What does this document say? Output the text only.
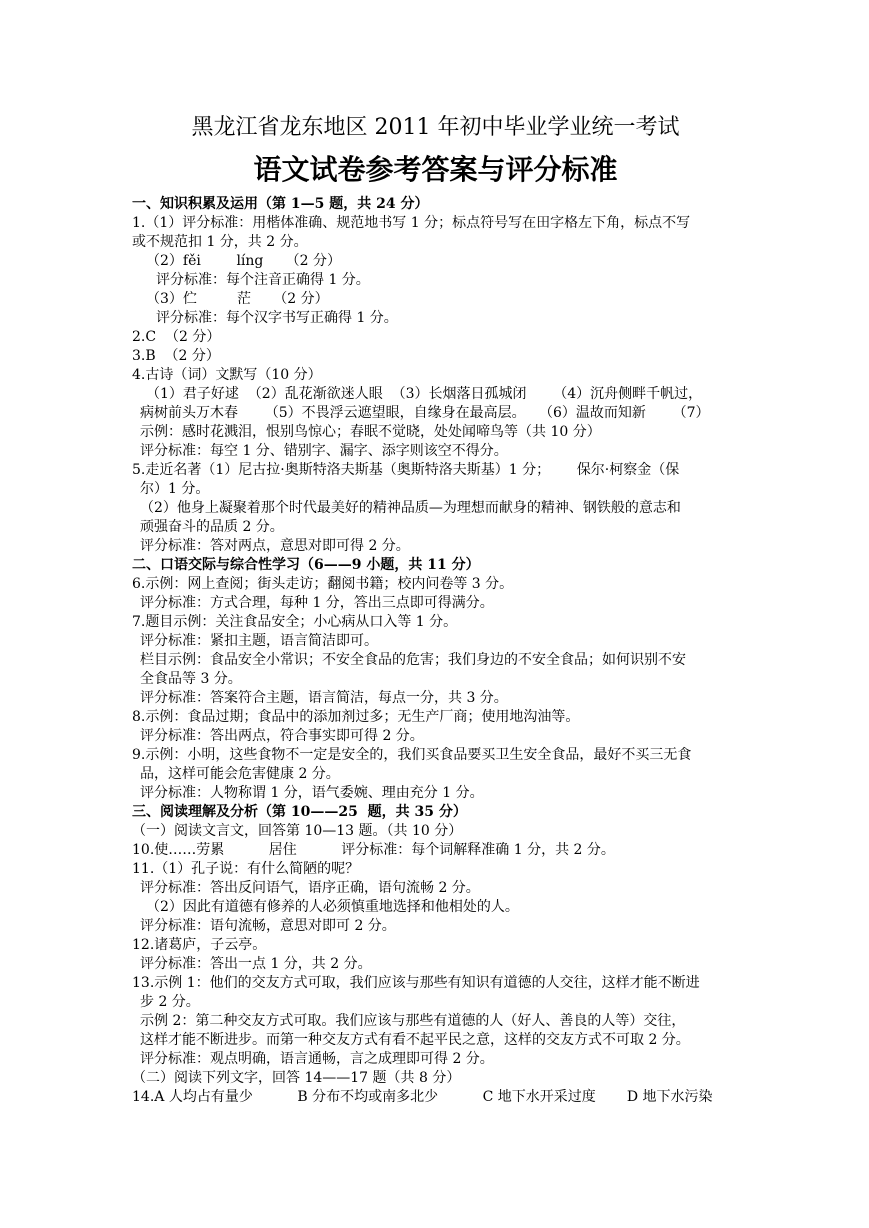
黑龙江省龙东地区 2011 年初中毕业学业统一考试
语文试卷参考答案与评分标准
一、知识积累及运用（第 1—5 题，共 24 分）
1.（1）评分标准：用楷体准确、规范地书写 1 分；标点符号写在田字格左下角，标点不写
或不规范扣 1 分，共 2 分。
（2）fěi        líng     （2 分）
评分标准：每个注音正确得 1 分。
（3）伫         茫     （2 分）
评分标准：每个汉字书写正确得 1 分。
2.C  （2 分）
3.B  （2 分）
4.古诗（词）文默写（10 分）
（1）君子好逑  （2）乱花渐欲迷人眼  （3）长烟落日孤城闭      （4）沉舟侧畔千帆过，
病树前头万木春      （5）不畏浮云遮望眼，自缘身在最高层。   （6）温故而知新      （7）
示例：感时花溅泪，恨别鸟惊心；春眠不觉晓，处处闻啼鸟等（共 10 分）
评分标准：每空 1 分、错别字、漏字、添字则该空不得分。
5.走近名著（1）尼古拉·奥斯特洛夫斯基（奥斯特洛夫斯基）1 分；      保尔·柯察金（保
尔）1 分。
（2）他身上凝聚着那个时代最美好的精神品质—为理想而献身的精神、钢铁般的意志和
顽强奋斗的品质 2 分。
评分标准：答对两点，意思对即可得 2 分。
二、口语交际与综合性学习（6——9 小题，共 11 分）
6.示例：网上查阅；街头走访；翻阅书籍；校内问卷等 3 分。
评分标准：方式合理，每种 1 分，答出三点即可得满分。
7.题目示例：关注食品安全；小心病从口入等 1 分。
评分标准：紧扣主题，语言简洁即可。
栏目示例：食品安全小常识；不安全食品的危害；我们身边的不安全食品；如何识别不安
全食品等 3 分。
评分标准：答案符合主题，语言简洁，每点一分，共 3 分。
8.示例：食品过期；食品中的添加剂过多；无生产厂商；使用地沟油等。
评分标准：答出两点，符合事实即可得 2 分。
9.示例：小明，这些食物不一定是安全的，我们买食品要买卫生安全食品，最好不买三无食
品，这样可能会危害健康 2 分。
评分标准：人物称谓 1 分，语气委婉、理由充分 1 分。
三、阅读理解及分析（第 10——25  题，共 35 分）
（一）阅读文言文，回答第 10—13 题。（共 10 分）
10.使……劳累          居住          评分标准：每个词解释准确 1 分，共 2 分。
11.（1）孔子说：有什么简陋的呢？
评分标准：答出反问语气，语序正确，语句流畅 2 分。
（2）因此有道德有修养的人必须慎重地选择和他相处的人。
评分标准：语句流畅，意思对即可 2 分。
12.诸葛庐，子云亭。
评分标准：答出一点 1 分，共 2 分。
13.示例 1：他们的交友方式可取，我们应该与那些有知识有道德的人交往，这样才能不断进
步 2 分。
示例 2：第二种交友方式可取。我们应该与那些有道德的人（好人、善良的人等）交往，
这样才能不断进步。而第一种交友方式有看不起平民之意，这样的交友方式不可取 2 分。
评分标准：观点明确，语言通畅，言之成理即可得 2 分。
（二）阅读下列文字，回答 14——17 题（共 8 分）
14.A 人均占有量少          B 分布不均或南多北少          C 地下水开采过度       D 地下水污染
